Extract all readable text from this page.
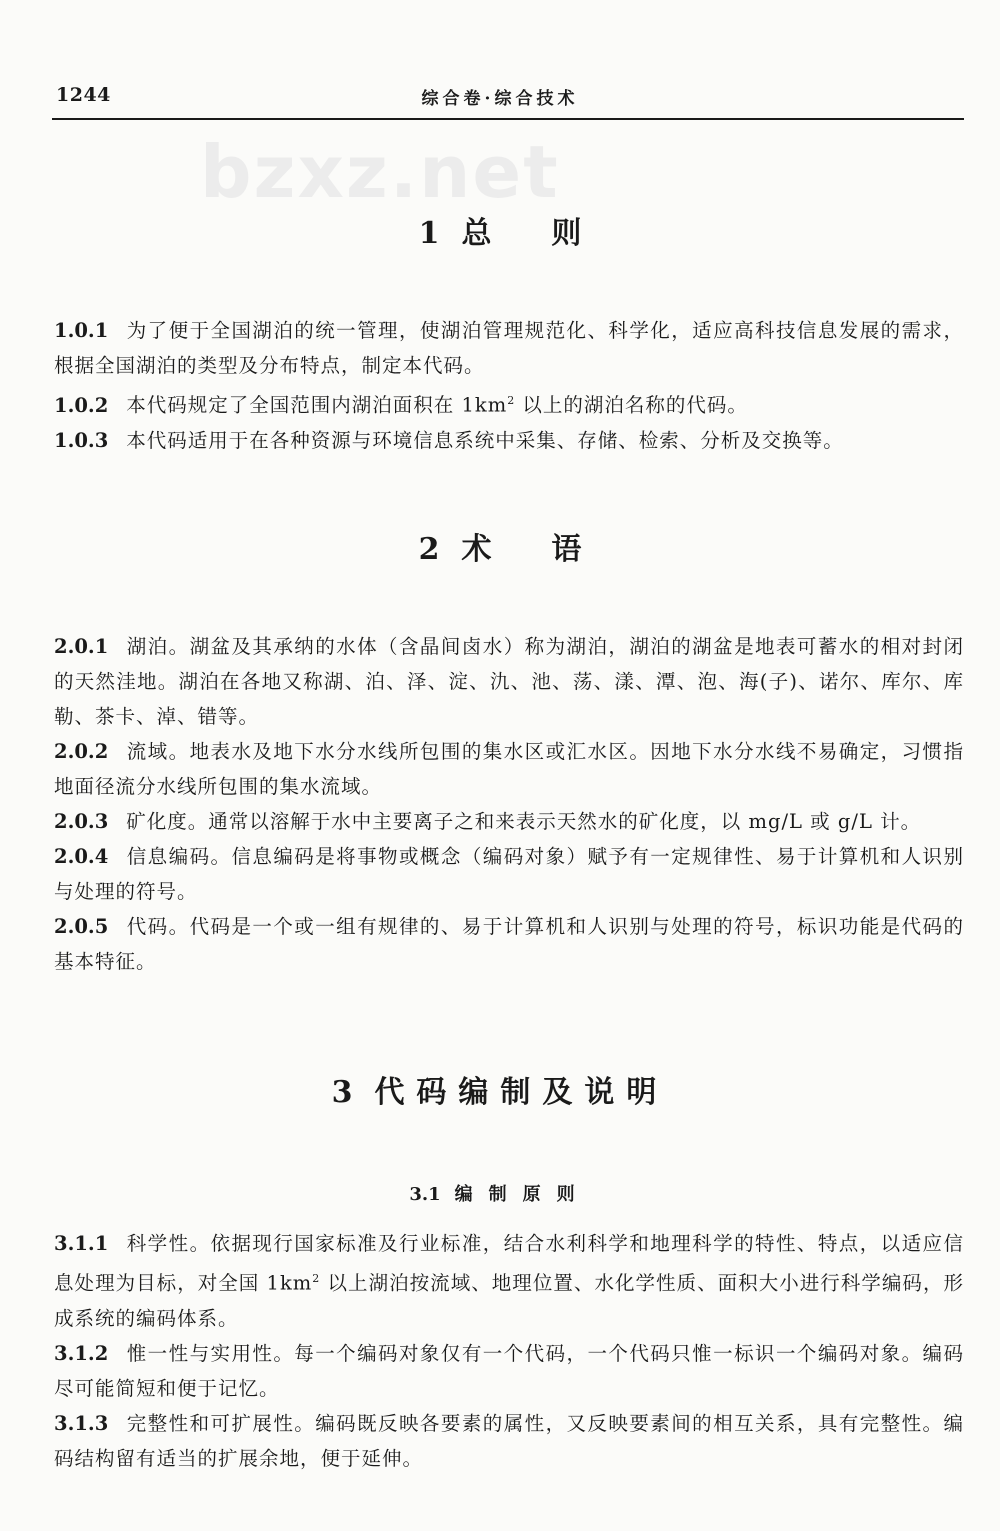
1244	综合卷·综合技术
bzxz.net
1 总则

1.0.1 为了便于全国湖泊的统一管理，使湖泊管理规范化、科学化，适应高科技信息发展的需求，根据全国湖泊的类型及分布特点，制定本代码。

1.0.2 本代码规定了全国范围内湖泊面积在 $1km^2$ 以上的湖泊名称的代码。

1.0.3 本代码适用于在各种资源与环境信息系统中采集、存储、检索、分析及交换等。

2 术语

2.0.1 湖泊。湖盆及其承纳的水体（含晶间卤水）称为湖泊，湖泊的湖盆是地表可蓄水的相对封闭的天然洼地。湖泊在各地又称湖、泊、泽、淀、氿、池、荡、漾、潭、泡、海(子)、诺尔、库尔、库勒、茶卡、淖、错等。

2.0.2 流域。地表水及地下水分水线所包围的集水区或汇水区。因地下水分水线不易确定，习惯指地面径流分水线所包围的集水流域。

2.0.3 矿化度。通常以溶解于水中主要离子之和来表示天然水的矿化度，以 mg/L 或 g/L 计。

2.0.4 信息编码。信息编码是将事物或概念（编码对象）赋予有一定规律性、易于计算机和人识别与处理的符号。

2.0.5 代码。代码是一个或一组有规律的、易于计算机和人识别与处理的符号，标识功能是代码的基本特征。

3 代码编制及说明
3.1 编制原则

3.1.1 科学性。依据现行国家标准及行业标准，结合水利科学和地理科学的特性、特点，以适应信息处理为目标，对全国 $1km^2$ 以上湖泊按流域、地理位置、水化学性质、面积大小进行科学编码，形成系统的编码体系。

3.1.2 惟一性与实用性。每一个编码对象仅有一个代码，一个代码只惟一标识一个编码对象。编码尽可能简短和便于记忆。

3.1.3 完整性和可扩展性。编码既反映各要素的属性，又反映要素间的相互关系，具有完整性。编码结构留有适当的扩展余地，便于延伸。
